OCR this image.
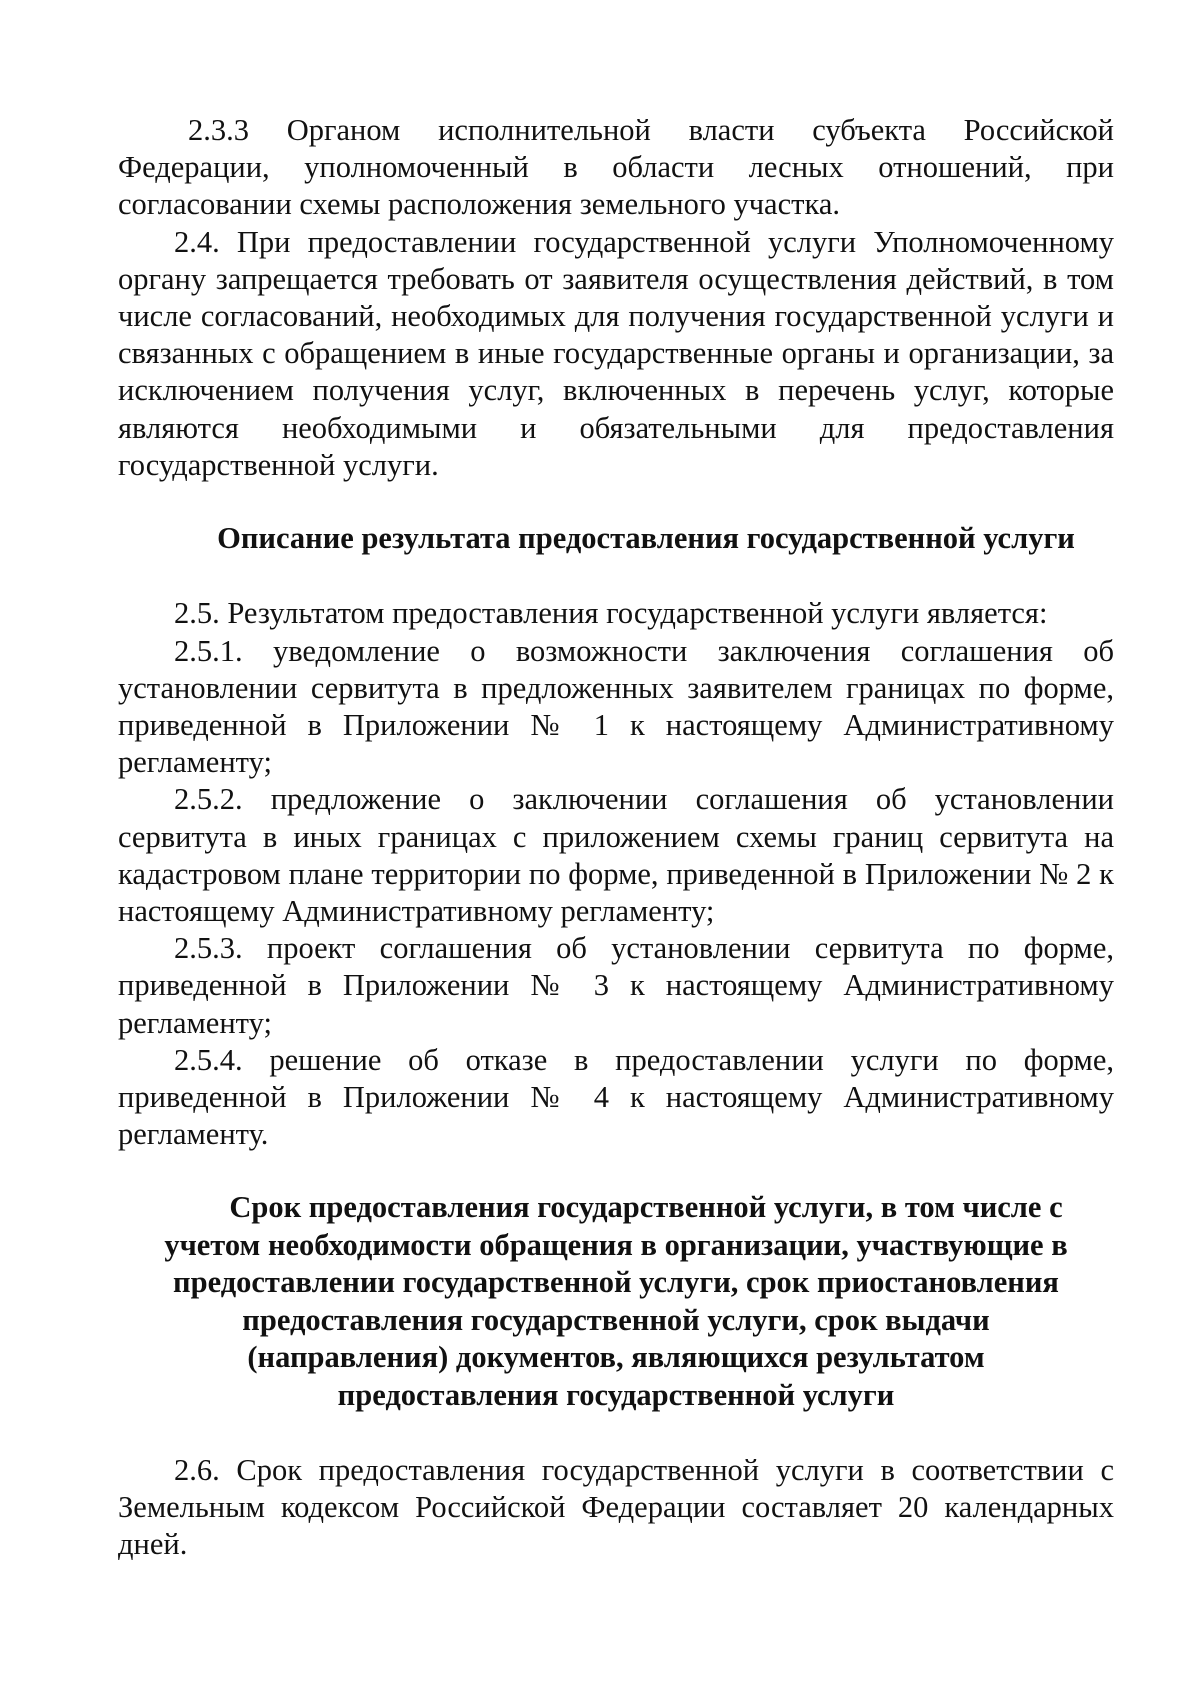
2.3.3 Органом исполнительной власти субъекта Российской Федерации, уполномоченный в области лесных отношений, при согласовании схемы расположения земельного участка.

2.4. При предоставлении государственной услуги Уполномоченному органу запрещается требовать от заявителя осуществления действий, в том числе согласований, необходимых для получения государственной услуги и связанных с обращением в иные государственные органы и организации, за исключением получения услуг, включенных в перечень услуг, которые являются необходимыми и обязательными для предоставления государственной услуги.

Описание результата предоставления государственной услуги

2.5. Результатом предоставления государственной услуги является:

2.5.1. уведомление о возможности заключения соглашения об установлении сервитута в предложенных заявителем границах по форме, приведенной в Приложении № 1 к настоящему Административному регламенту;

2.5.2. предложение о заключении соглашения об установлении сервитута в иных границах с приложением схемы границ сервитута на кадастровом плане территории по форме, приведенной в Приложении № 2 к настоящему Административному регламенту;

2.5.3. проект соглашения об установлении сервитута по форме, приведенной в Приложении № 3 к настоящему Административному регламенту;

2.5.4. решение об отказе в предоставлении услуги по форме, приведенной в Приложении № 4 к настоящему Административному регламенту.

Срок предоставления государственной услуги, в том числе с

учетом необходимости обращения в организации, участвующие в

предоставлении государственной услуги, срок приостановления

предоставления государственной услуги, срок выдачи

(направления) документов, являющихся результатом

предоставления государственной услуги

2.6. Срок предоставления государственной услуги в соответствии с Земельным кодексом Российской Федерации составляет 20 календарных дней.
